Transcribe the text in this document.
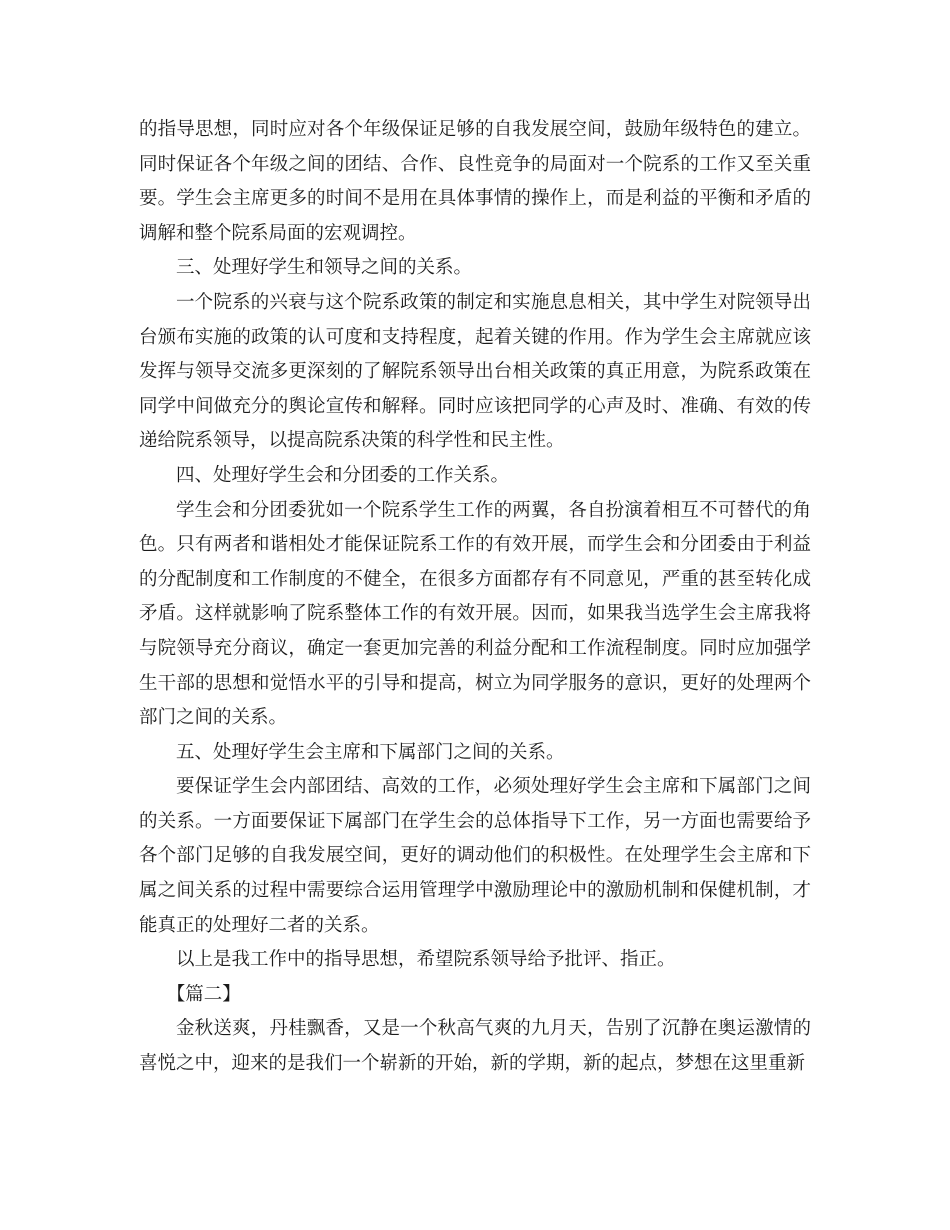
的指导思想，同时应对各个年级保证足够的自我发展空间，鼓励年级特色的建立。同时保证各个年级之间的团结、合作、良性竞争的局面对一个院系的工作又至关重要。学生会主席更多的时间不是用在具体事情的操作上，而是利益的平衡和矛盾的调解和整个院系局面的宏观调控。

三、处理好学生和领导之间的关系。

一个院系的兴衰与这个院系政策的制定和实施息息相关，其中学生对院领导出台颁布实施的政策的认可度和支持程度，起着关键的作用。作为学生会主席就应该发挥与领导交流多更深刻的了解院系领导出台相关政策的真正用意，为院系政策在同学中间做充分的舆论宣传和解释。同时应该把同学的心声及时、准确、有效的传递给院系领导，以提高院系决策的科学性和民主性。

四、处理好学生会和分团委的工作关系。

学生会和分团委犹如一个院系学生工作的两翼，各自扮演着相互不可替代的角色。只有两者和谐相处才能保证院系工作的有效开展，而学生会和分团委由于利益的分配制度和工作制度的不健全，在很多方面都存有不同意见，严重的甚至转化成矛盾。这样就影响了院系整体工作的有效开展。因而，如果我当选学生会主席我将与院领导充分商议，确定一套更加完善的利益分配和工作流程制度。同时应加强学生干部的思想和觉悟水平的引导和提高，树立为同学服务的意识，更好的处理两个部门之间的关系。

五、处理好学生会主席和下属部门之间的关系。

要保证学生会内部团结、高效的工作，必须处理好学生会主席和下属部门之间的关系。一方面要保证下属部门在学生会的总体指导下工作，另一方面也需要给予各个部门足够的自我发展空间，更好的调动他们的积极性。在处理学生会主席和下属之间关系的过程中需要综合运用管理学中激励理论中的激励机制和保健机制，才能真正的处理好二者的关系。

以上是我工作中的指导思想，希望院系领导给予批评、指正。

【篇二】

金秋送爽，丹桂飘香，又是一个秋高气爽的九月天，告别了沉静在奥运激情的喜悦之中，迎来的是我们一个崭新的开始，新的学期，新的起点，梦想在这里重新
